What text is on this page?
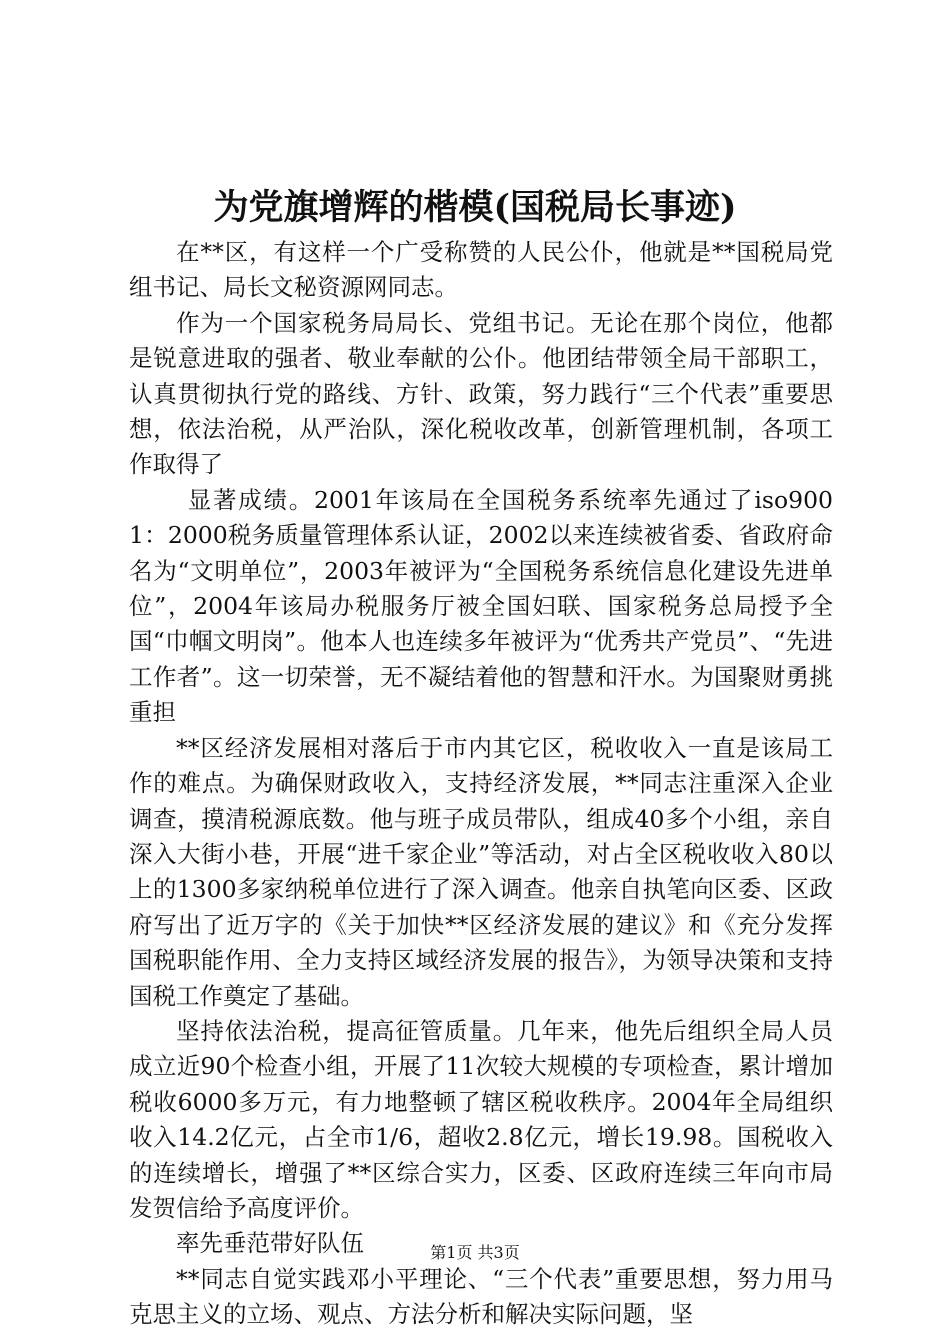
为党旗增辉的楷模(国税局长事迹)

在**区，有这样一个广受称赞的人民公仆，他就是**国税局党组书记、局长文秘资源网同志。

作为一个国家税务局局长、党组书记。无论在那个岗位，他都是锐意进取的强者、敬业奉献的公仆。他团结带领全局干部职工，认真贯彻执行党的路线、方针、政策，努力践行“三个代表”重要思想，依法治税，从严治队，深化税收改革，创新管理机制，各项工作取得了

显著成绩。2001年该局在全国税务系统率先通过了iso9001：2000税务质量管理体系认证，2002以来连续被省委、省政府命名为“文明单位”，2003年被评为“全国税务系统信息化建设先进单位”，2004年该局办税服务厅被全国妇联、国家税务总局授予全国“巾帼文明岗”。他本人也连续多年被评为“优秀共产党员”、“先进工作者”。这一切荣誉，无不凝结着他的智慧和汗水。为国聚财勇挑重担

**区经济发展相对落后于市内其它区，税收收入一直是该局工作的难点。为确保财政收入，支持经济发展，**同志注重深入企业调查，摸清税源底数。他与班子成员带队，组成40多个小组，亲自深入大街小巷，开展“进千家企业”等活动，对占全区税收收入80以上的1300多家纳税单位进行了深入调查。他亲自执笔向区委、区政府写出了近万字的《关于加快**区经济发展的建议》和《充分发挥国税职能作用、全力支持区域经济发展的报告》，为领导决策和支持国税工作奠定了基础。

坚持依法治税，提高征管质量。几年来，他先后组织全局人员成立近90个检查小组，开展了11次较大规模的专项检查，累计增加税收6000多万元，有力地整顿了辖区税收秩序。2004年全局组织收入14.2亿元，占全市1/6，超收2.8亿元，增长19.98。国税收入的连续增长，增强了**区综合实力，区委、区政府连续三年向市局发贺信给予高度评价。

率先垂范带好队伍

**同志自觉实践邓小平理论、“三个代表”重要思想，努力用马克思主义的立场、观点、方法分析和解决实际问题，坚

第1页 共3页
